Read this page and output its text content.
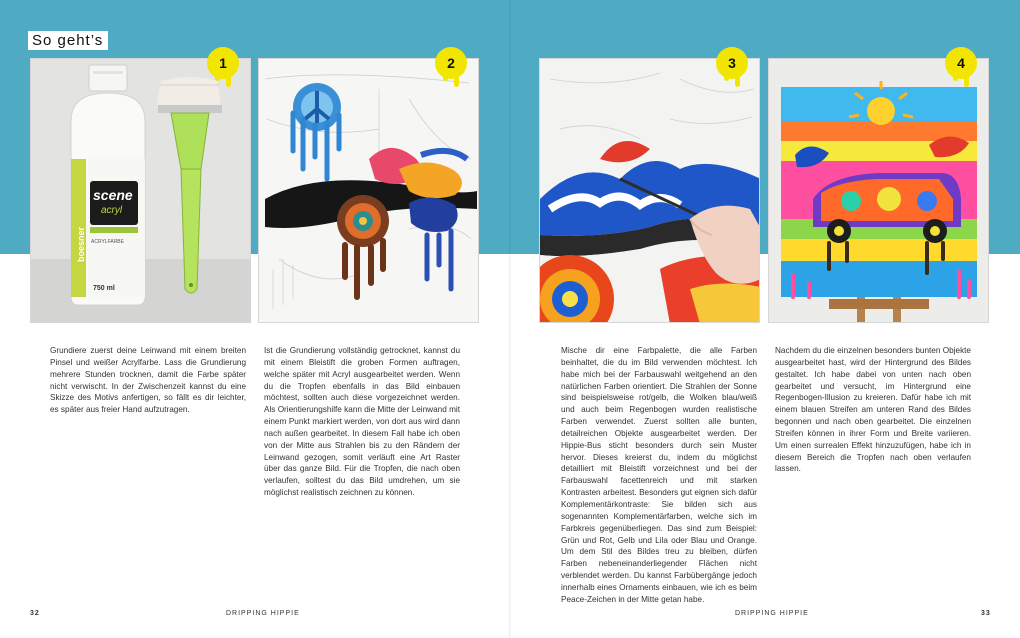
So geht’s
scene
acryl
boesner ACRYLFARBE
750 ml
1	2	3	4
Grundiere zuerst deine Leinwand mit einem breiten Pinsel und weißer Acrylfarbe. Lass die Grundierung mehrere Stunden trocknen, damit die Farbe später nicht verwischt. In der Zwischenzeit kannst du eine Skizze des Motivs anfertigen, so fällt es dir leichter, es später aus freier Hand aufzutragen.
Ist die Grundierung vollständig getrocknet, kannst du mit einem Bleistift die groben Formen auftragen, welche später mit Acryl ausgearbeitet werden. Wenn du die Tropfen ebenfalls in das Bild einbauen möchtest, sollten auch diese vorgezeichnet werden. Als Orientierungshilfe kann die Mitte der Leinwand mit einem Punkt markiert werden, von dort aus wird dann nach außen gearbeitet. In diesem Fall habe ich oben von der Mitte aus Strahlen bis zu den Rändern der Leinwand gezogen, somit verläuft eine Art Raster über das ganze Bild. Für die Tropfen, die nach oben verlaufen, solltest du das Bild umdrehen, um sie möglichst realistisch zeichnen zu können.
Mische dir eine Farbpalette, die alle Farben beinhaltet, die du im Bild verwenden möchtest. Ich habe mich bei der Farbauswahl weitgehend an den natürlichen Farben orientiert. Die Strahlen der Sonne sind beispielsweise rot/gelb, die Wolken blau/weiß und auch beim Regenbogen wurden realistische Farben verwendet. Zuerst sollten alle bunten, detailreichen Objekte ausgearbeitet werden. Der Hippie-Bus sticht besonders durch sein Muster hervor. Dieses kreierst du, indem du möglichst detailliert mit Bleistift vorzeichnest und bei der Farbauswahl facettenreich und mit starken Kontrasten arbeitest. Besonders gut eignen sich dafür Komplementärkontraste: Sie bilden sich aus sogenannten Komplementärfarben, welche sich im Farbkreis gegenüberliegen. Das sind zum Beispiel: Grün und Rot, Gelb und Lila oder Blau und Orange. Um dem Stil des Bildes treu zu bleiben, dürfen Farben nebeneinanderliegender Flächen nicht verblendet werden. Du kannst Farbübergänge jedoch innerhalb eines Ornaments einbauen, wie ich es beim Peace-Zeichen in der Mitte getan habe.
Nachdem du die einzelnen besonders bunten Objekte ausgearbeitet hast, wird der Hintergrund des Bildes gestaltet. Ich habe dabei von unten nach oben gearbeitet und versucht, im Hintergrund eine Regenbogen-Illusion zu kreieren. Dafür habe ich mit einem blauen Streifen am unteren Rand des Bildes begonnen und nach oben gearbeitet. Die einzelnen Streifen können in ihrer Form und Breite variieren. Um einen surrealen Effekt hinzuzufügen, habe ich in diesem Bereich die Tropfen nach oben verlaufen lassen.
32	DRIPPING HIPPIE	DRIPPING HIPPIE	33
